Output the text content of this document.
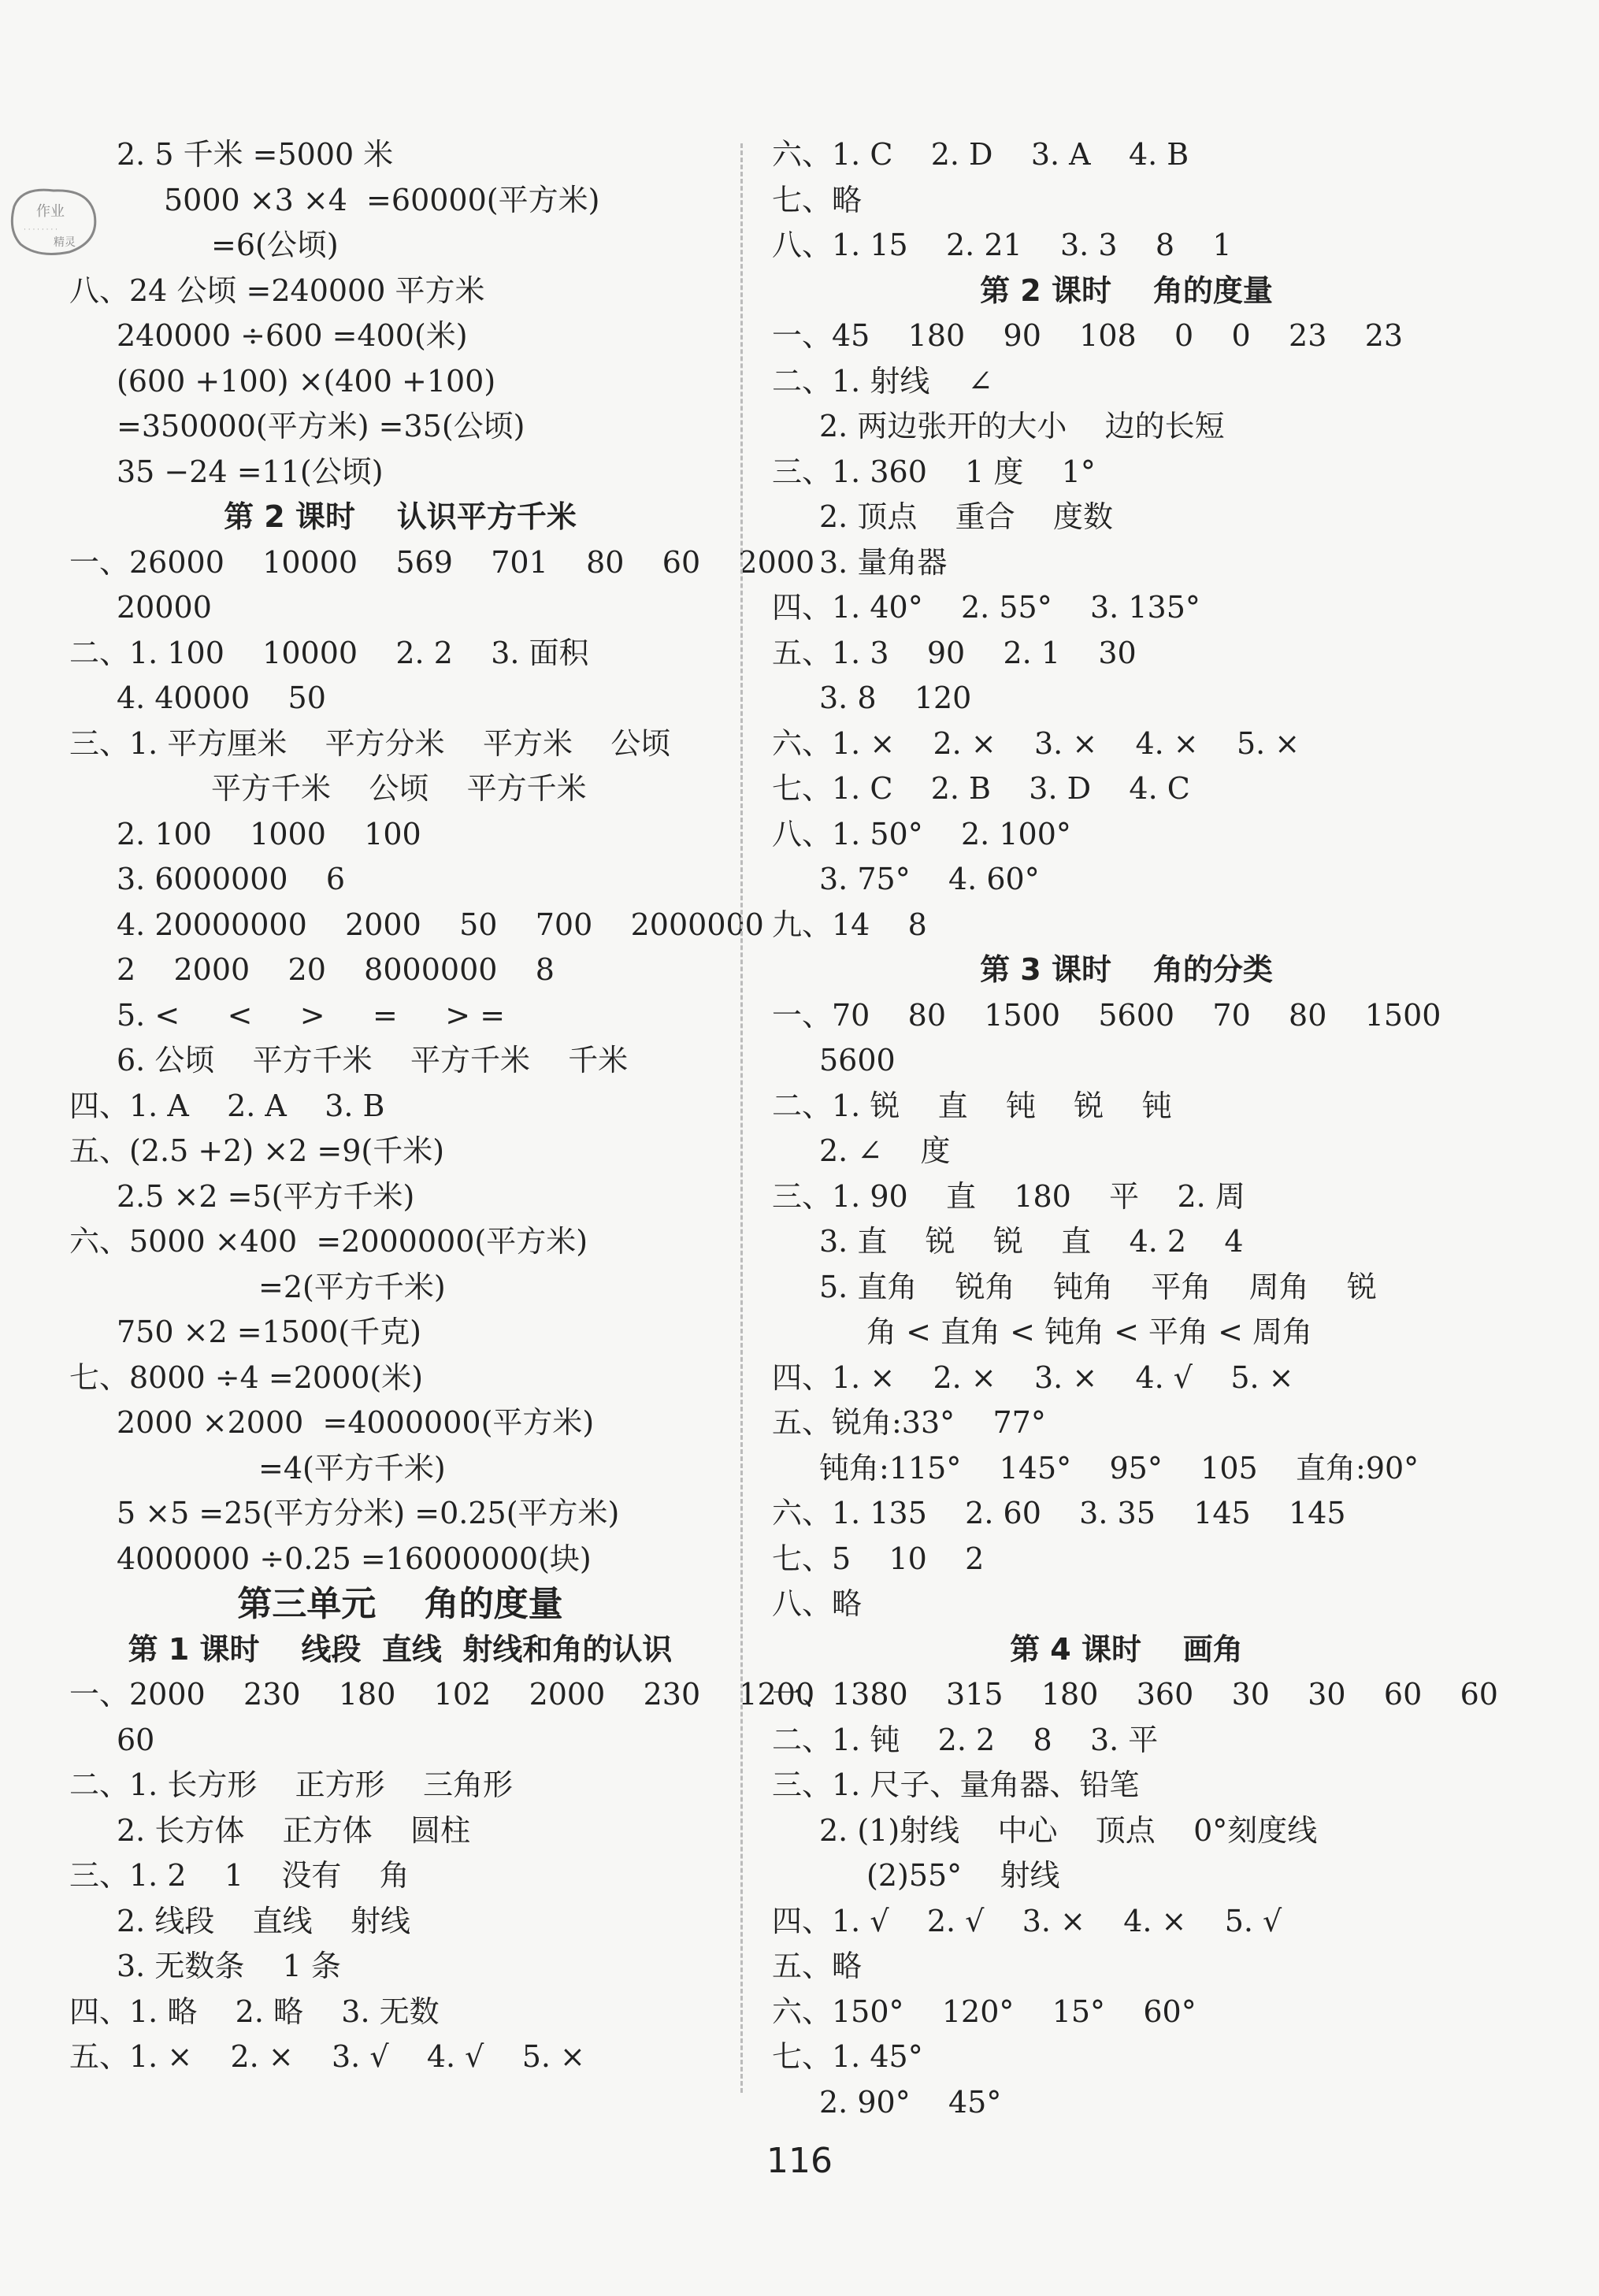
作业
· · · · · · · ·
精灵
2. 5 千米 =5000 米
5000 ×3 ×4  =60000(平方米)
=6(公顷)
八、24 公顷 =240000 平方米
240000 ÷600 =400(米)
(600 +100) ×(400 +100)
=350000(平方米) =35(公顷)
35 −24 =11(公顷)
第 2 课时    认识平方千米
一、26000    10000    569    701    80    60    2000
20000
二、1. 100    10000    2. 2    3. 面积
4. 40000    50
三、1. 平方厘米    平方分米    平方米    公顷
平方千米    公顷    平方千米
2. 100    1000    100
3. 6000000    6
4. 20000000    2000    50    700    2000000
2    2000    20    8000000    8
5. <     <     >     =     > =
6. 公顷    平方千米    平方千米    千米
四、1. A    2. A    3. B
五、(2.5 +2) ×2 =9(千米)
2.5 ×2 =5(平方千米)
六、5000 ×400  =2000000(平方米)
=2(平方千米)
750 ×2 =1500(千克)
七、8000 ÷4 =2000(米)
2000 ×2000  =4000000(平方米)
=4(平方千米)
5 ×5 =25(平方分米) =0.25(平方米)
4000000 ÷0.25 =16000000(块)
第三单元    角的度量
第 1 课时    线段  直线  射线和角的认识
一、2000    230    180    102    2000    230    1200
60
二、1. 长方形    正方形    三角形
2. 长方体    正方体    圆柱
三、1. 2    1    没有    角
2. 线段    直线    射线
3. 无数条    1 条
四、1. 略    2. 略    3. 无数
五、1. ×    2. ×    3. √    4. √    5. ×
六、1. C    2. D    3. A    4. B
七、略
八、1. 15    2. 21    3. 3    8    1
第 2 课时    角的度量
一、45    180    90    108    0    0    23    23
二、1. 射线    ∠
2. 两边张开的大小    边的长短
三、1. 360    1 度    1°
2. 顶点    重合    度数
3. 量角器
四、1. 40°    2. 55°    3. 135°
五、1. 3    90    2. 1    30
3. 8    120
六、1. ×    2. ×    3. ×    4. ×    5. ×
七、1. C    2. B    3. D    4. C
八、1. 50°    2. 100°
3. 75°    4. 60°
九、14    8
第 3 课时    角的分类
一、70    80    1500    5600    70    80    1500
5600
二、1. 锐    直    钝    锐    钝
2. ∠    度
三、1. 90    直    180    平    2. 周
3. 直    锐    锐    直    4. 2    4
5. 直角    锐角    钝角    平角    周角    锐
角 < 直角 < 钝角 < 平角 < 周角
四、1. ×    2. ×    3. ×    4. √    5. ×
五、锐角:33°    77°
钝角:115°    145°    95°    105    直角:90°
六、1. 135    2. 60    3. 35    145    145
七、5    10    2
八、略
第 4 课时    画角
一、1380    315    180    360    30    30    60    60
二、1. 钝    2. 2    8    3. 平
三、1. 尺子、量角器、铅笔
2. (1)射线    中心    顶点    0°刻度线
(2)55°    射线
四、1. √    2. √    3. ×    4. ×    5. √
五、略
六、150°    120°    15°    60°
七、1. 45°
2. 90°    45°
116
